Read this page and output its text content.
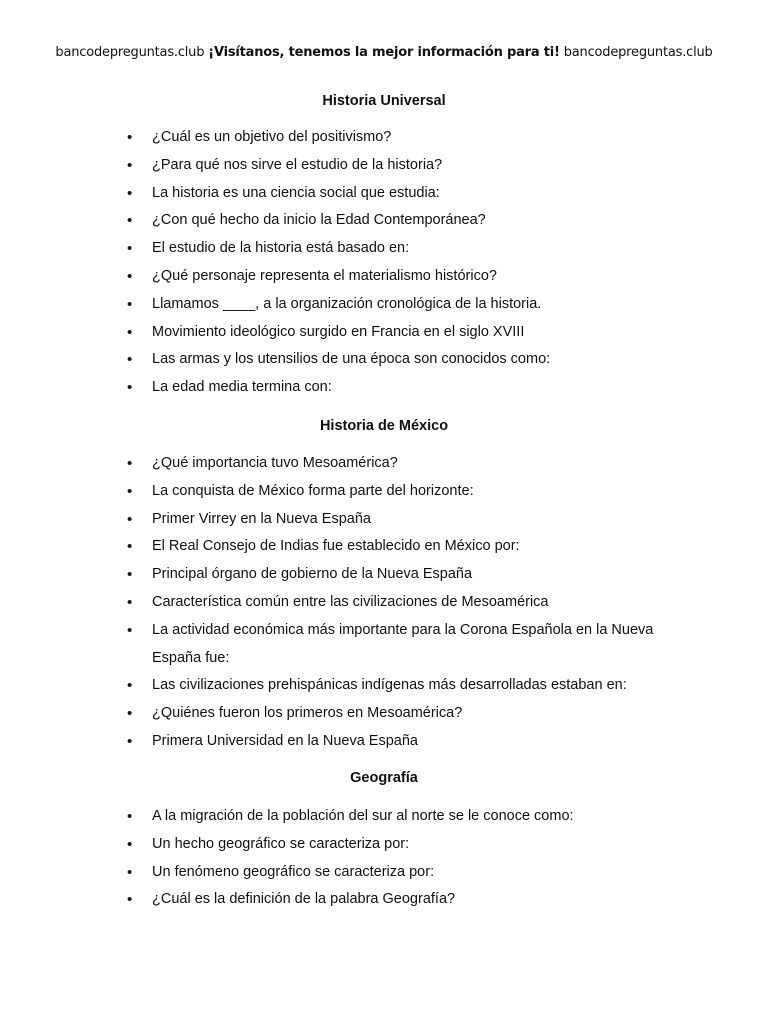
bancodepreguntas.club ¡Visítanos, tenemos la mejor información para ti! bancodepreguntas.club
Historia Universal
• ¿Cuál es un objetivo del positivismo?
• ¿Para qué nos sirve el estudio de la historia?
• La historia es una ciencia social que estudia:
• ¿Con qué hecho da inicio la Edad Contemporánea?
• El estudio de la historia está basado en:
• ¿Qué personaje representa el materialismo histórico?
• Llamamos ____, a la organización cronológica de la historia.
• Movimiento ideológico surgido en Francia en el siglo XVIII
• Las armas y los utensilios de una época son conocidos como:
• La edad media termina con:
Historia de México
• ¿Qué importancia tuvo Mesoamérica?
• La conquista de México forma parte del horizonte:
• Primer Virrey en la Nueva España
• El Real Consejo de Indias fue establecido en México por:
• Principal órgano de gobierno de la Nueva España
• Característica común entre las civilizaciones de Mesoamérica
• La actividad económica más importante para la Corona Española en la Nueva España fue:
• Las civilizaciones prehispánicas indígenas más desarrolladas estaban en:
• ¿Quiénes fueron los primeros en Mesoamérica?
• Primera Universidad en la Nueva España
Geografía
• A la migración de la población del sur al norte se le conoce como:
• Un hecho geográfico se caracteriza por:
• Un fenómeno geográfico se caracteriza por:
• ¿Cuál es la definición de la palabra Geografía?
